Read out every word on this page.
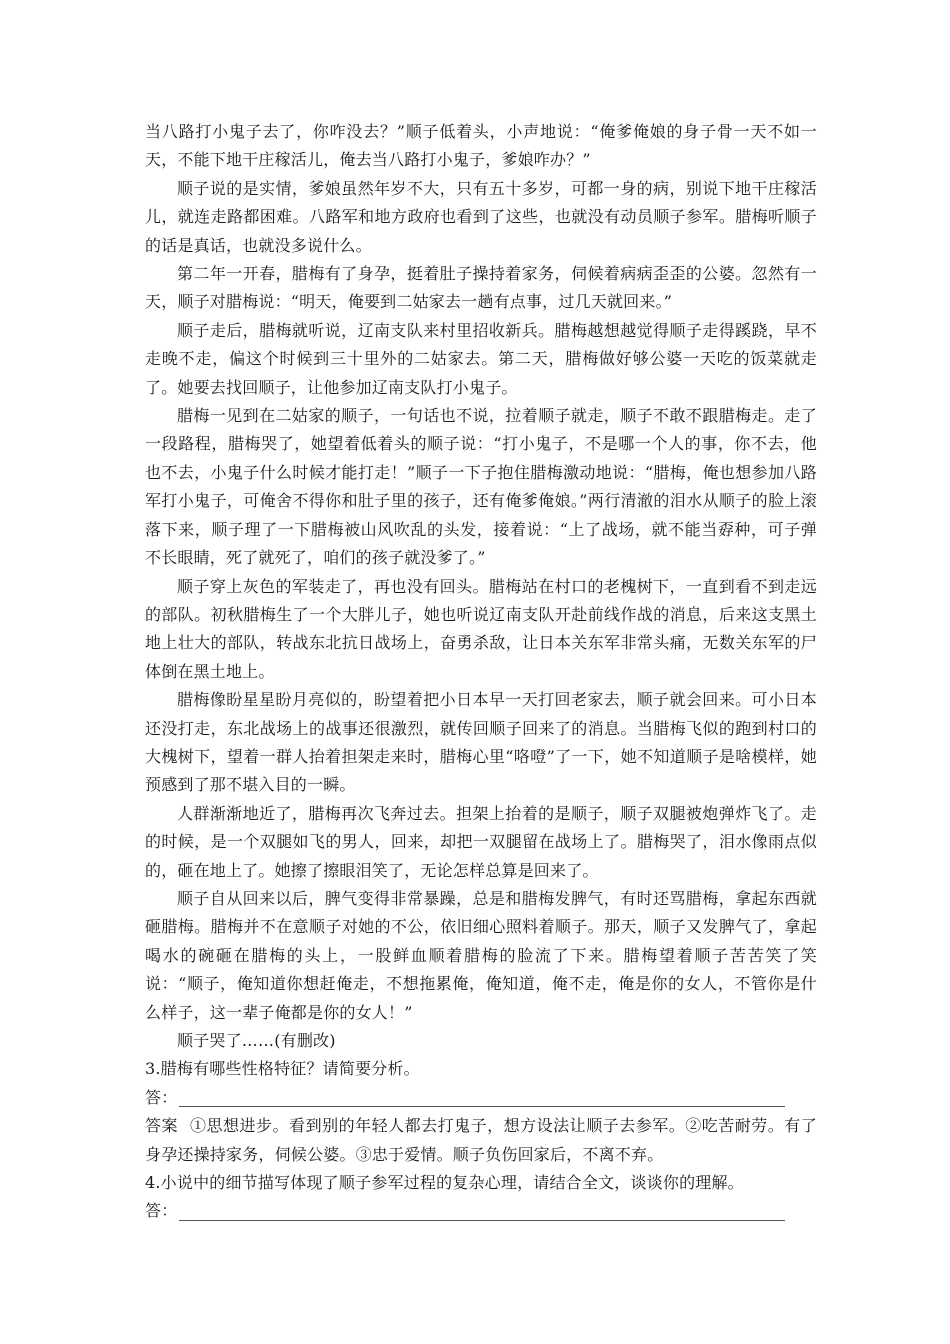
当八路打小鬼子去了，你咋没去？”顺子低着头，小声地说：“俺爹俺娘的身子骨一天不如一天，不能下地干庄稼活儿，俺去当八路打小鬼子，爹娘咋办？”

顺子说的是实情，爹娘虽然年岁不大，只有五十多岁，可都一身的病，别说下地干庄稼活儿，就连走路都困难。八路军和地方政府也看到了这些，也就没有动员顺子参军。腊梅听顺子的话是真话，也就没多说什么。

第二年一开春，腊梅有了身孕，挺着肚子操持着家务，伺候着病病歪歪的公婆。忽然有一天，顺子对腊梅说：“明天，俺要到二姑家去一趟有点事，过几天就回来。”

顺子走后，腊梅就听说，辽南支队来村里招收新兵。腊梅越想越觉得顺子走得蹊跷，早不走晚不走，偏这个时候到三十里外的二姑家去。第二天，腊梅做好够公婆一天吃的饭菜就走了。她要去找回顺子，让他参加辽南支队打小鬼子。

腊梅一见到在二姑家的顺子，一句话也不说，拉着顺子就走，顺子不敢不跟腊梅走。走了一段路程，腊梅哭了，她望着低着头的顺子说：“打小鬼子，不是哪一个人的事，你不去，他也不去，小鬼子什么时候才能打走！”顺子一下子抱住腊梅激动地说：“腊梅，俺也想参加八路军打小鬼子，可俺舍不得你和肚子里的孩子，还有俺爹俺娘。”两行清澈的泪水从顺子的脸上滚落下来，顺子理了一下腊梅被山风吹乱的头发，接着说：“上了战场，就不能当孬种，可子弹不长眼睛，死了就死了，咱们的孩子就没爹了。”

顺子穿上灰色的军装走了，再也没有回头。腊梅站在村口的老槐树下，一直到看不到走远的部队。初秋腊梅生了一个大胖儿子，她也听说辽南支队开赴前线作战的消息，后来这支黑土地上壮大的部队，转战东北抗日战场上，奋勇杀敌，让日本关东军非常头痛，无数关东军的尸体倒在黑土地上。

腊梅像盼星星盼月亮似的，盼望着把小日本早一天打回老家去，顺子就会回来。可小日本还没打走，东北战场上的战事还很激烈，就传回顺子回来了的消息。当腊梅飞似的跑到村口的大槐树下，望着一群人抬着担架走来时，腊梅心里“咯噔”了一下，她不知道顺子是啥模样，她预感到了那不堪入目的一瞬。

人群渐渐地近了，腊梅再次飞奔过去。担架上抬着的是顺子，顺子双腿被炮弹炸飞了。走的时候，是一个双腿如飞的男人，回来，却把一双腿留在战场上了。腊梅哭了，泪水像雨点似的，砸在地上了。她擦了擦眼泪笑了，无论怎样总算是回来了。

顺子自从回来以后，脾气变得非常暴躁，总是和腊梅发脾气，有时还骂腊梅，拿起东西就砸腊梅。腊梅并不在意顺子对她的不公，依旧细心照料着顺子。那天，顺子又发脾气了，拿起喝水的碗砸在腊梅的头上，一股鲜血顺着腊梅的脸流了下来。腊梅望着顺子苦苦笑了笑说：“顺子，俺知道你想赶俺走，不想拖累俺，俺知道，俺不走，俺是你的女人，不管你是什么样子，这一辈子俺都是你的女人！”

顺子哭了……(有删改)

3.腊梅有哪些性格特征？请简要分析。

答：

答案 ①思想进步。看到别的年轻人都去打鬼子，想方设法让顺子去参军。②吃苦耐劳。有了身孕还操持家务，伺候公婆。③忠于爱情。顺子负伤回家后，不离不弃。

4.小说中的细节描写体现了顺子参军过程的复杂心理，请结合全文，谈谈你的理解。

答：
